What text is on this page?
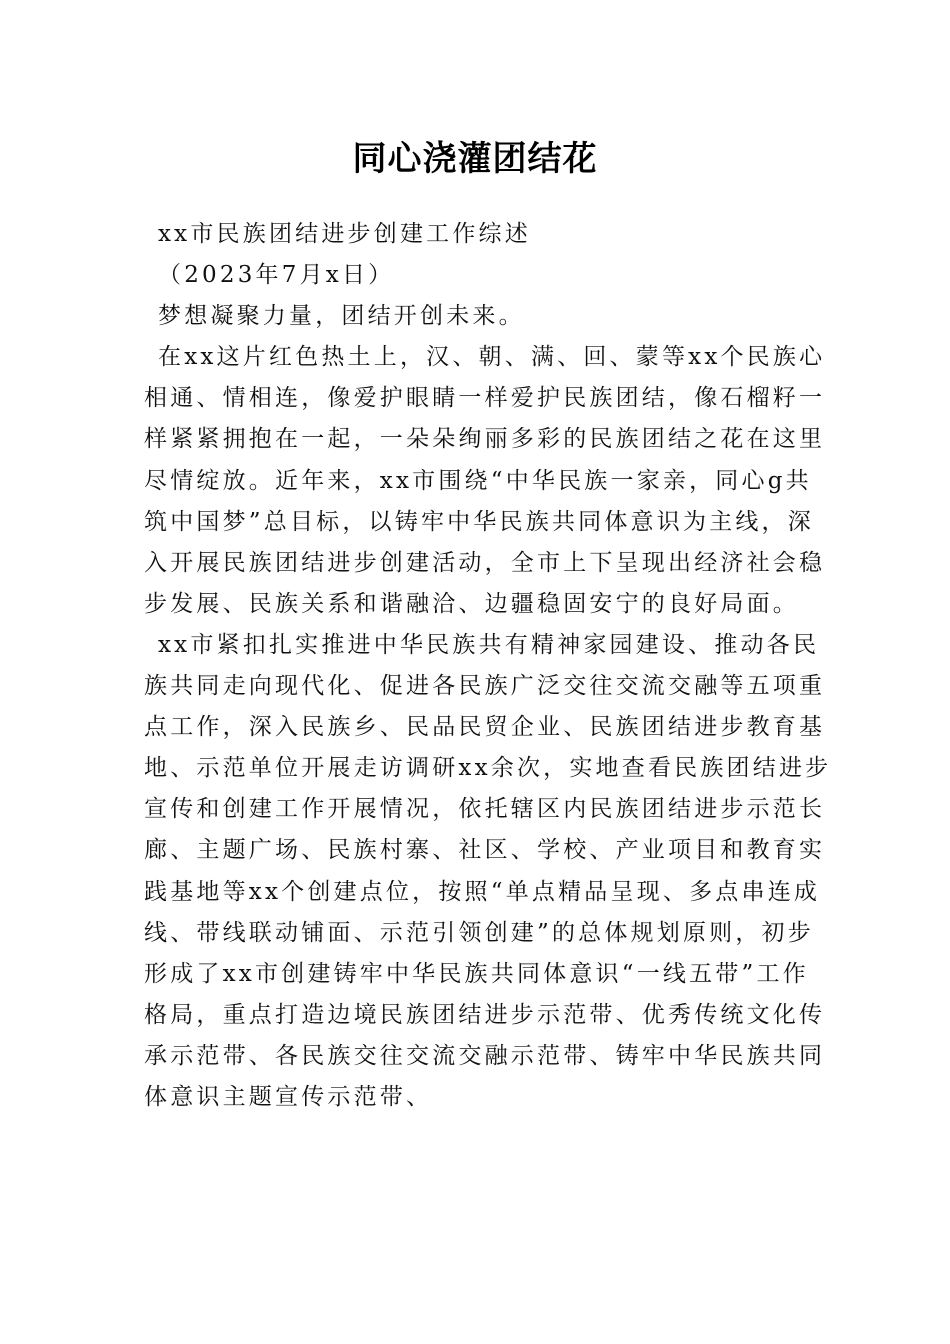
同心浇灌团结花

xx市民族团结进步创建工作综述

（2023年7月x日）

梦想凝聚力量，团结开创未来。

在xx这片红色热土上，汉、朝、满、回、蒙等xx个民族心相通、情相连，像爱护眼睛一样爱护民族团结，像石榴籽一样紧紧拥抱在一起，一朵朵绚丽多彩的民族团结之花在这里尽情绽放。近年来，xx市围绕“中华民族一家亲，同心g共筑中国梦”总目标，以铸牢中华民族共同体意识为主线，深入开展民族团结进步创建活动，全市上下呈现出经济社会稳步发展、民族关系和谐融洽、边疆稳固安宁的良好局面。

xx市紧扣扎实推进中华民族共有精神家园建设、推动各民族共同走向现代化、促进各民族广泛交往交流交融等五项重点工作，深入民族乡、民品民贸企业、民族团结进步教育基地、示范单位开展走访调研xx余次，实地查看民族团结进步宣传和创建工作开展情况，依托辖区内民族团结进步示范长廊、主题广场、民族村寨、社区、学校、产业项目和教育实践基地等xx个创建点位，按照“单点精品呈现、多点串连成线、带线联动铺面、示范引领创建”的总体规划原则，初步形成了xx市创建铸牢中华民族共同体意识“一线五带”工作格局，重点打造边境民族团结进步示范带、优秀传统文化传承示范带、各民族交往交流交融示范带、铸牢中华民族共同体意识主题宣传示范带、
